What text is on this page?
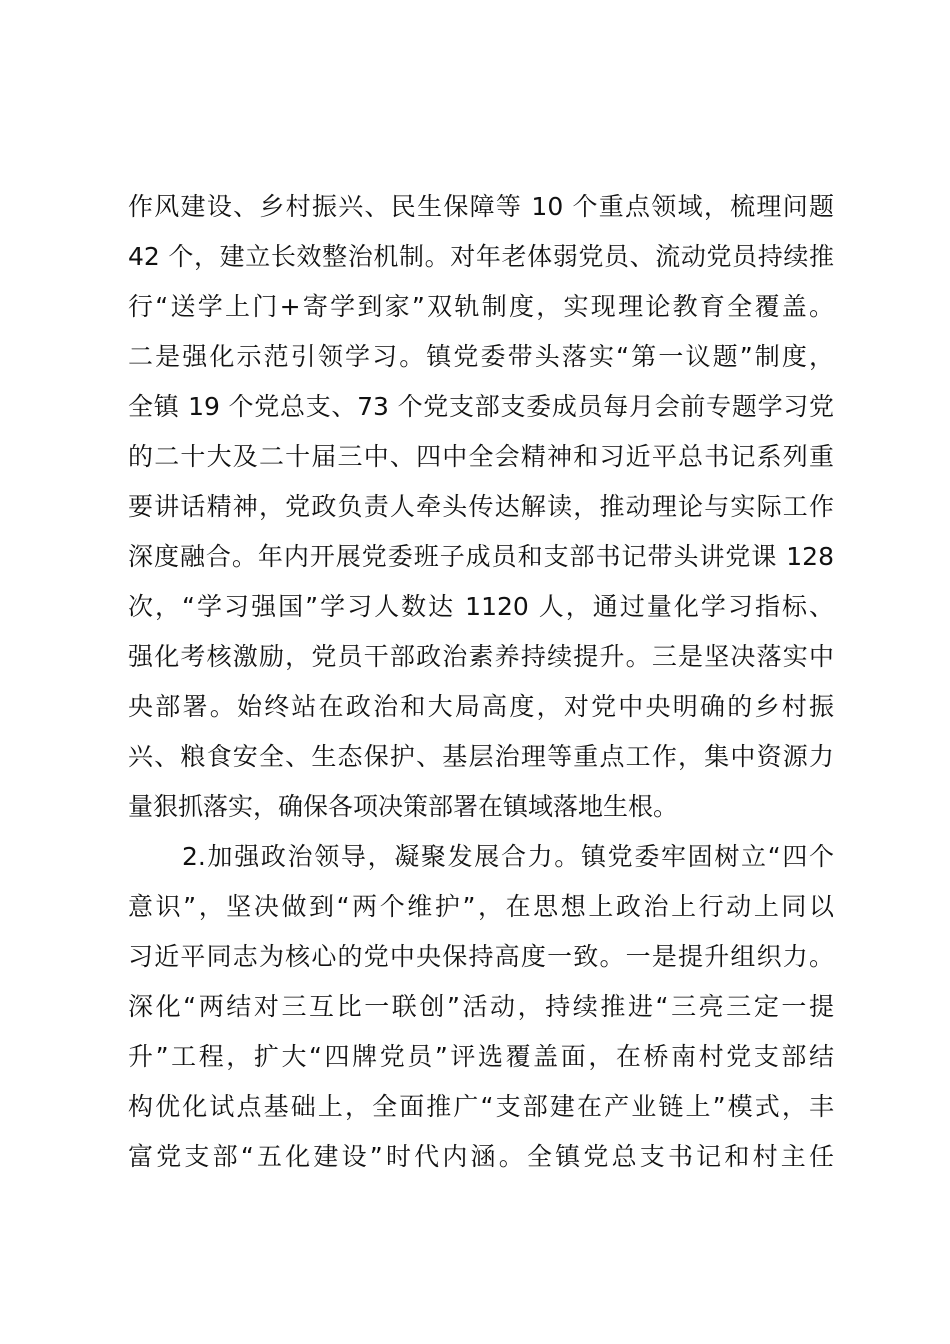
作风建设、乡村振兴、民生保障等 10 个重点领域，梳理问题
42 个，建立长效整治机制。对年老体弱党员、流动党员持续推
行“送学上门+寄学到家”双轨制度，实现理论教育全覆盖。
二是强化示范引领学习。镇党委带头落实“第一议题”制度，
全镇 19 个党总支、73 个党支部支委成员每月会前专题学习党
的二十大及二十届三中、四中全会精神和习近平总书记系列重
要讲话精神，党政负责人牵头传达解读，推动理论与实际工作
深度融合。年内开展党委班子成员和支部书记带头讲党课 128
次，“学习强国”学习人数达 1120 人，通过量化学习指标、
强化考核激励，党员干部政治素养持续提升。三是坚决落实中
央部署。始终站在政治和大局高度，对党中央明确的乡村振
兴、粮食安全、生态保护、基层治理等重点工作，集中资源力
量狠抓落实，确保各项决策部署在镇域落地生根。
2.加强政治领导，凝聚发展合力。镇党委牢固树立“四个
意识”，坚决做到“两个维护”，在思想上政治上行动上同以
习近平同志为核心的党中央保持高度一致。一是提升组织力。
深化“两结对三互比一联创”活动，持续推进“三亮三定一提
升”工程，扩大“四牌党员”评选覆盖面，在桥南村党支部结
构优化试点基础上，全面推广“支部建在产业链上”模式，丰
富党支部“五化建设”时代内涵。全镇党总支书记和村主任
